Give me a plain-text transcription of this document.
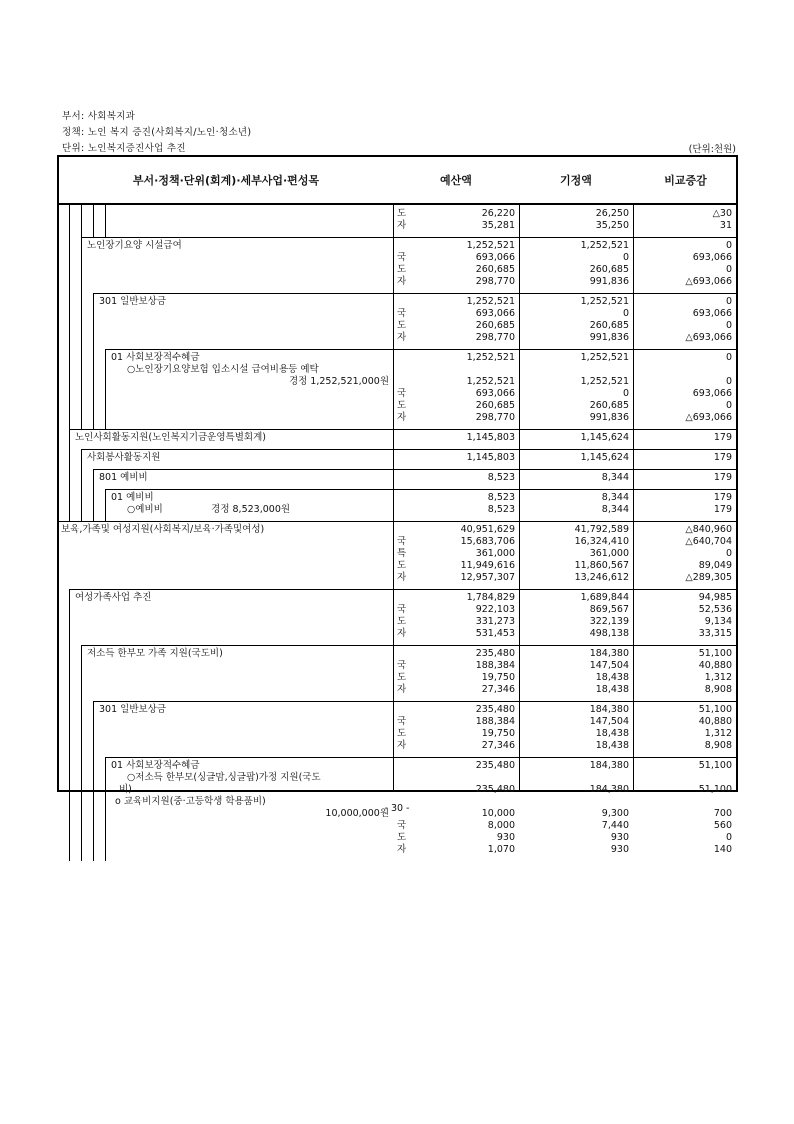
부서: 사회복지과
정책: 노인 복지 증진(사회복지/노인·청소년)
단위: 노인복지증진사업 추진	(단위:천원)
부서·정책·단위(회계)·세부사업·편성목	예산액	기정액	비교증감
도	26,220	26,250	△30
자	35,281	35,250	31
노인장기요양 시설급여	1,252,521	1,252,521	0
국	693,066	0	693,066
도	260,685	260,685	0
자	298,770	991,836	△693,066
301 일반보상금	1,252,521	1,252,521	0
국	693,066	0	693,066
도	260,685	260,685	0
자	298,770	991,836	△693,066
01 사회보장적수혜금	1,252,521	1,252,521	0
○노인장기요양보험 입소시설 급여비용등 예탁
경정 1,252,521,000원	1,252,521	1,252,521	0
국	693,066	0	693,066
도	260,685	260,685	0
자	298,770	991,836	△693,066
노인사회활동지원(노인복지기금운영특별회계)	1,145,803	1,145,624	179
사회봉사활동지원	1,145,803	1,145,624	179
801 예비비	8,523	8,344	179
01 예비비	8,523	8,344	179
○예비비                경정 8,523,000원	8,523	8,344	179
보육,가족및 여성지원(사회복지/보육·가족및여성)	40,951,629	41,792,589	△840,960
국	15,683,706	16,324,410	△640,704
특	361,000	361,000	0
도	11,949,616	11,860,567	89,049
자	12,957,307	13,246,612	△289,305
여성가족사업 추진	1,784,829	1,689,844	94,985
국	922,103	869,567	52,536
도	331,273	322,139	9,134
자	531,453	498,138	33,315
저소득 한부모 가족 지원(국도비)	235,480	184,380	51,100
국	188,384	147,504	40,880
도	19,750	18,438	1,312
자	27,346	18,438	8,908
301 일반보상금	235,480	184,380	51,100
국	188,384	147,504	40,880
도	19,750	18,438	1,312
자	27,346	18,438	8,908
01 사회보장적수혜금	235,480	184,380	51,100
○저소득 한부모(싱글맘,싱글팝)가정 지원(국도
비)	235,480	184,380	51,100
o 교육비지원(중·고등학생 학용품비)
10,000,000원	10,000	9,300	700
국	8,000	7,440	560
도	930	930	0
자	1,070	930	140
- 30 -
